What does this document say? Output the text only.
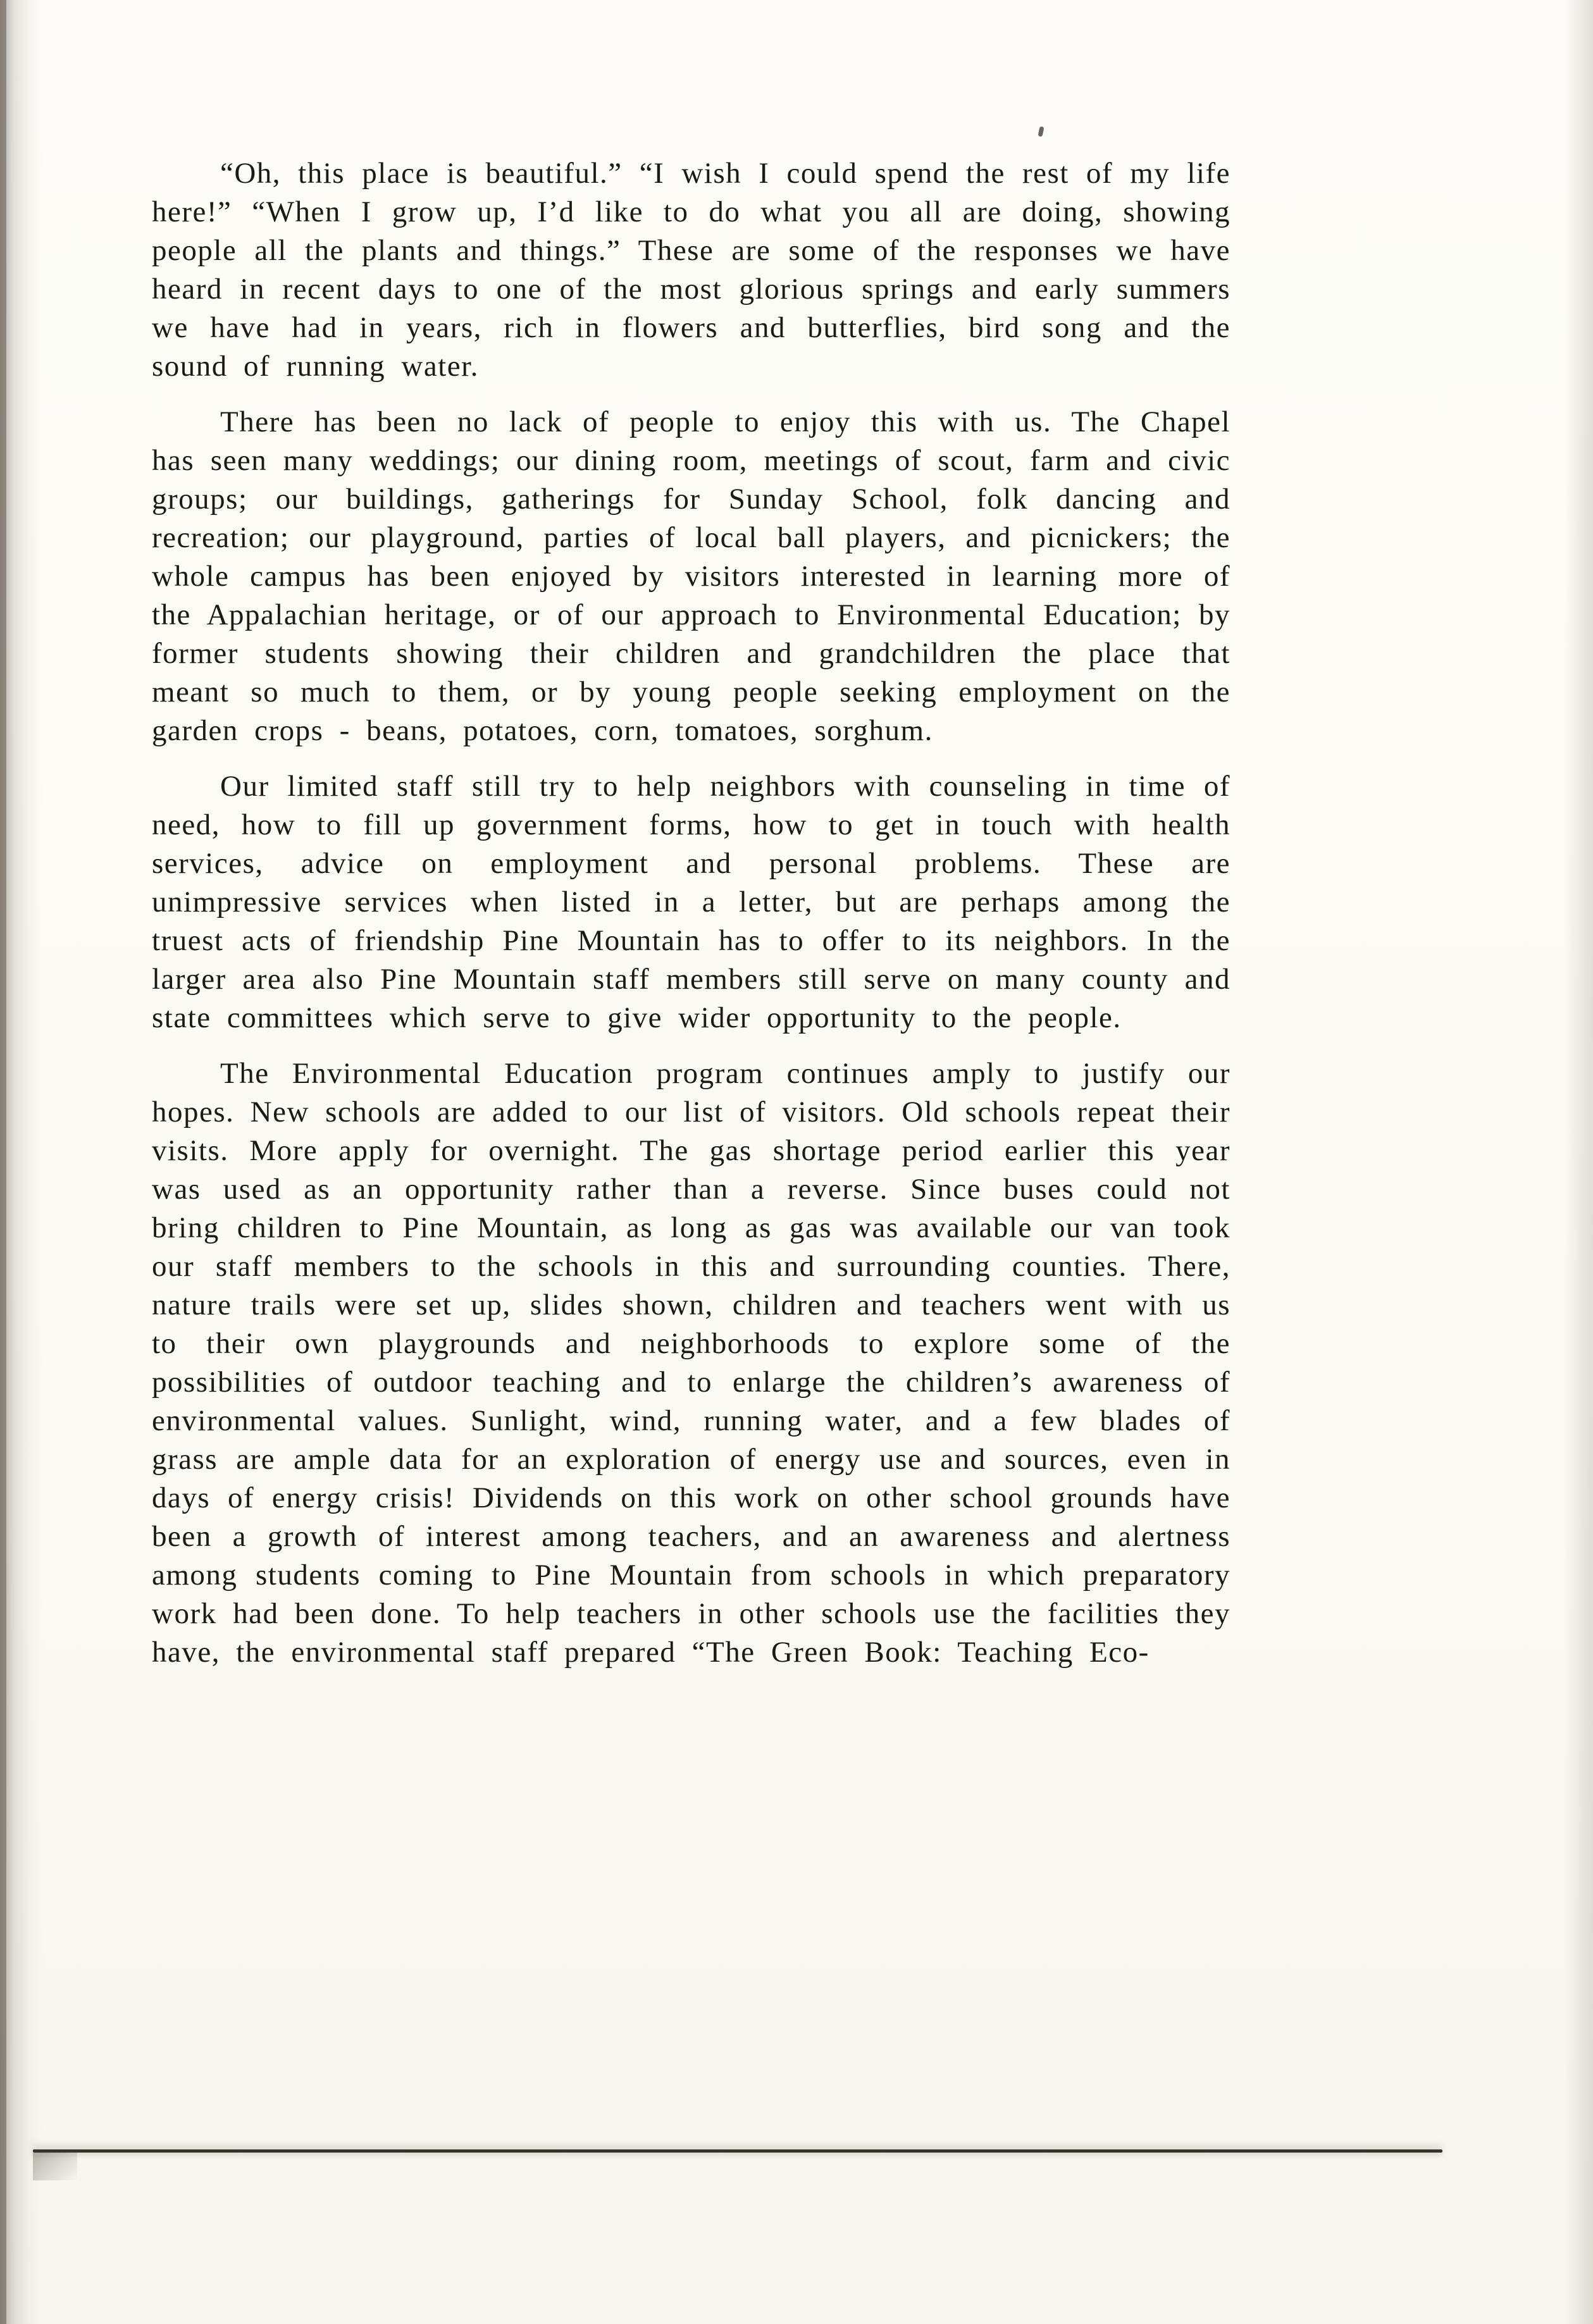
“Oh, this place is beautiful.” “I wish I could spend the rest of my life here!” “When I grow up, I’d like to do what you all are doing, showing people all the plants and things.” These are some of the responses we have heard in recent days to one of the most glorious springs and early summers we have had in years, rich in flowers and butterflies, bird song and the sound of running water.

There has been no lack of people to enjoy this with us. The Chapel has seen many weddings; our dining room, meetings of scout, farm and civic groups; our buildings, gatherings for Sunday School, folk dancing and recreation; our playground, parties of local ball players, and picnickers; the whole campus has been enjoyed by visitors interested in learning more of the Appalachian heritage, or of our approach to Environmental Education; by former students showing their children and grandchildren the place that meant so much to them, or by young people seeking employment on the garden crops - beans, potatoes, corn, tomatoes, sorghum.

Our limited staff still try to help neighbors with counseling in time of need, how to fill up government forms, how to get in touch with health services, advice on employment and personal problems. These are unimpressive services when listed in a letter, but are perhaps among the truest acts of friendship Pine Mountain has to offer to its neighbors. In the larger area also Pine Mountain staff members still serve on many county and state committees which serve to give wider opportunity to the people.

The Environmental Education program continues amply to justify our hopes. New schools are added to our list of visitors. Old schools repeat their visits. More apply for overnight. The gas shortage period earlier this year was used as an opportunity rather than a reverse. Since buses could not bring children to Pine Mountain, as long as gas was available our van took our staff members to the schools in this and surrounding counties. There, nature trails were set up, slides shown, children and teachers went with us to their own playgrounds and neighborhoods to explore some of the possibilities of outdoor teaching and to enlarge the children’s awareness of environmental values. Sunlight, wind, running water, and a few blades of grass are ample data for an exploration of energy use and sources, even in days of energy crisis! Dividends on this work on other school grounds have been a growth of interest among teachers, and an awareness and alertness among students coming to Pine Mountain from schools in which preparatory work had been done. To help teachers in other schools use the facilities they have, the environmental staff prepared “The Green Book: Teaching Eco-
